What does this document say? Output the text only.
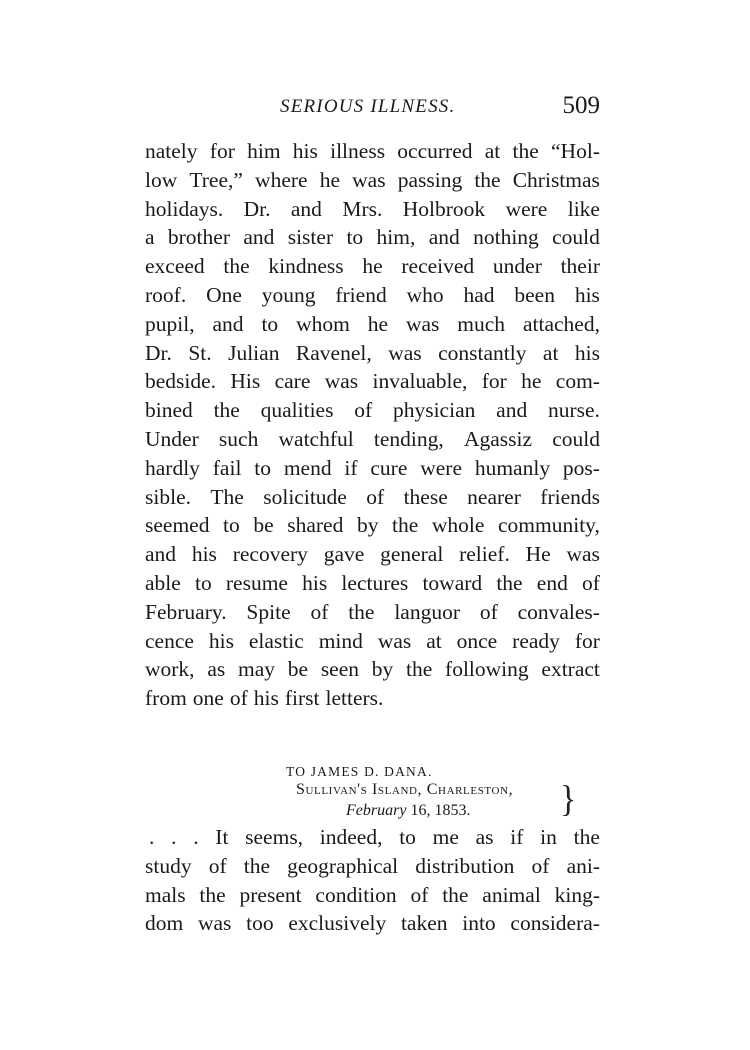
SERIOUS ILLNESS.	509
nately for him his illness occurred at the “Hol-
low Tree,” where he was passing the Christmas
holidays. Dr. and Mrs. Holbrook were like
a brother and sister to him, and nothing could
exceed the kindness he received under their
roof. One young friend who had been his
pupil, and to whom he was much attached,
Dr. St. Julian Ravenel, was constantly at his
bedside. His care was invaluable, for he com-
bined the qualities of physician and nurse.
Under such watchful tending, Agassiz could
hardly fail to mend if cure were humanly pos-
sible. The solicitude of these nearer friends
seemed to be shared by the whole community,
and his recovery gave general relief. He was
able to resume his lectures toward the end of
February. Spite of the languor of convales-
cence his elastic mind was at once ready for
work, as may be seen by the following extract
from one of his first letters.
TO JAMES D. DANA.
Sullivan's Island, Charleston,
February 16, 1853.	}
. . . It seems, indeed, to me as if in the
study of the geographical distribution of ani-
mals the present condition of the animal king-
dom was too exclusively taken into considera-
